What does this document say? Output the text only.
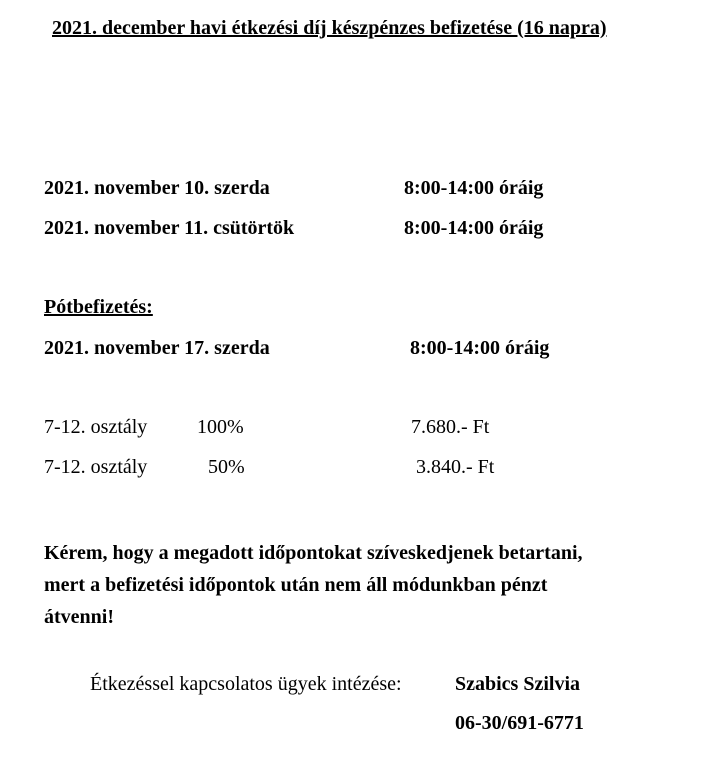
2021. december havi étkezési díj készpénzes befizetése (16 napra)
2021. november 10. szerda	8:00-14:00 óráig
2021. november 11. csütörtök	8:00-14:00 óráig
Pótbefizetés:
2021. november 17. szerda	8:00-14:00 óráig
7-12. osztály 100%	7.680.- Ft
7-12. osztály	50%	3.840.- Ft
Kérem, hogy a megadott időpontokat szíveskedjenek betartani,
mert a befizetési időpontok után nem áll módunkban pénzt
átvenni!
Étkezéssel kapcsolatos ügyek intézése:	Szabics Szilvia
06-30/691-6771
